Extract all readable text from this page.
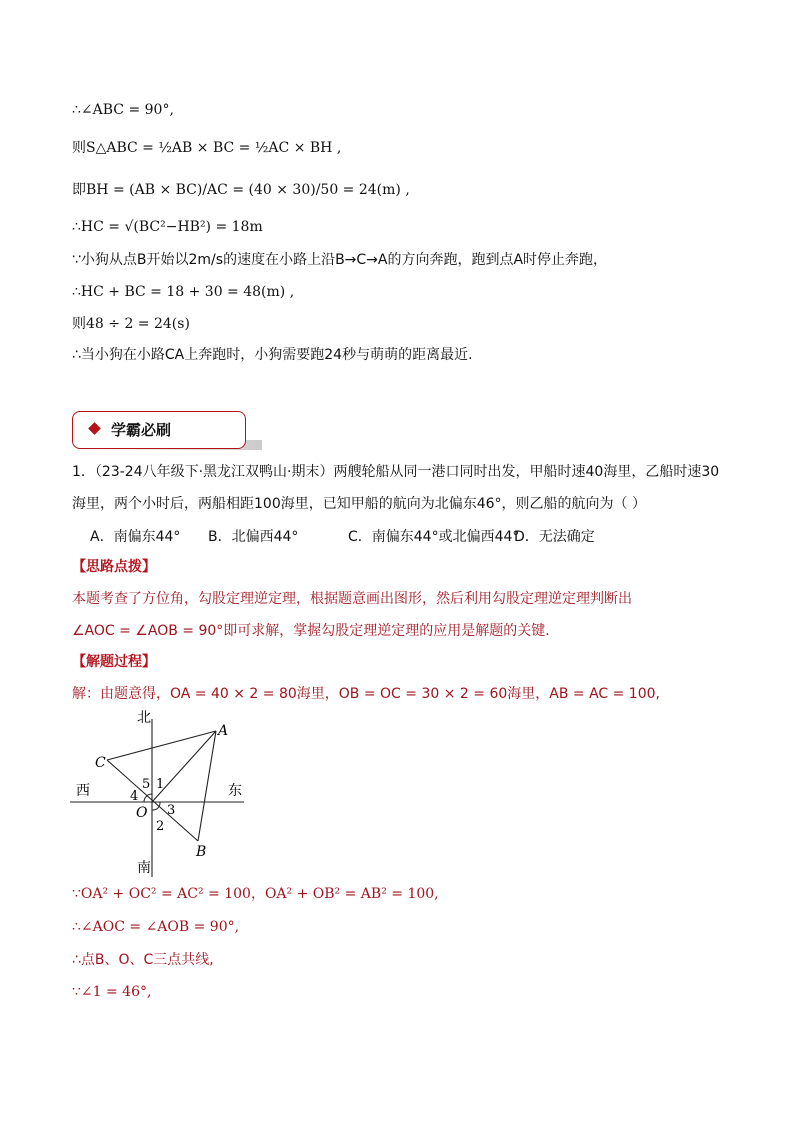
∴∠ABC = 90°,
则S△ABC = ½AB × BC = ½AC × BH ,
即BH = (AB × BC)/AC = (40 × 30)/50 = 24(m) ,
∴HC = √(BC²−HB²) = 18m
∵小狗从点B开始以2m/s的速度在小路上沿B→C→A的方向奔跑，跑到点A时停止奔跑，
∴HC + BC = 18 + 30 = 48(m) ,
则48 ÷ 2 = 24(s)
∴当小狗在小路CA上奔跑时，小狗需要跑24秒与萌萌的距离最近.
学霸必刷
1．（23-24八年级下·黑龙江双鸭山·期末）两艘轮船从同一港口同时出发，甲船时速40海里，乙船时速30
海里，两个小时后，两船相距100海里，已知甲船的航向为北偏东46°，则乙船的航向为（ ）
A．南偏东44° B．北偏西44°	C．南偏东44°或北偏西44°
D．无法确定
【思路点拨】
本题考查了方位角，勾股定理逆定理，根据题意画出图形，然后利用勾股定理逆定理判断出
∠AOC = ∠AOB = 90°即可求解，掌握勾股定理逆定理的应用是解题的关键.
【解题过程】
解：由题意得，OA = 40 × 2 = 80海里，OB = OC = 30 × 2 = 60海里，AB = AC = 100,
北
南
西	东
A
B
C
O
1
2
3
4
5
∵OA² + OC² = AC² = 100，OA² + OB² = AB² = 100,
∴∠AOC = ∠AOB = 90°,
∴点B、O、C三点共线,
∵∠1 = 46°,
